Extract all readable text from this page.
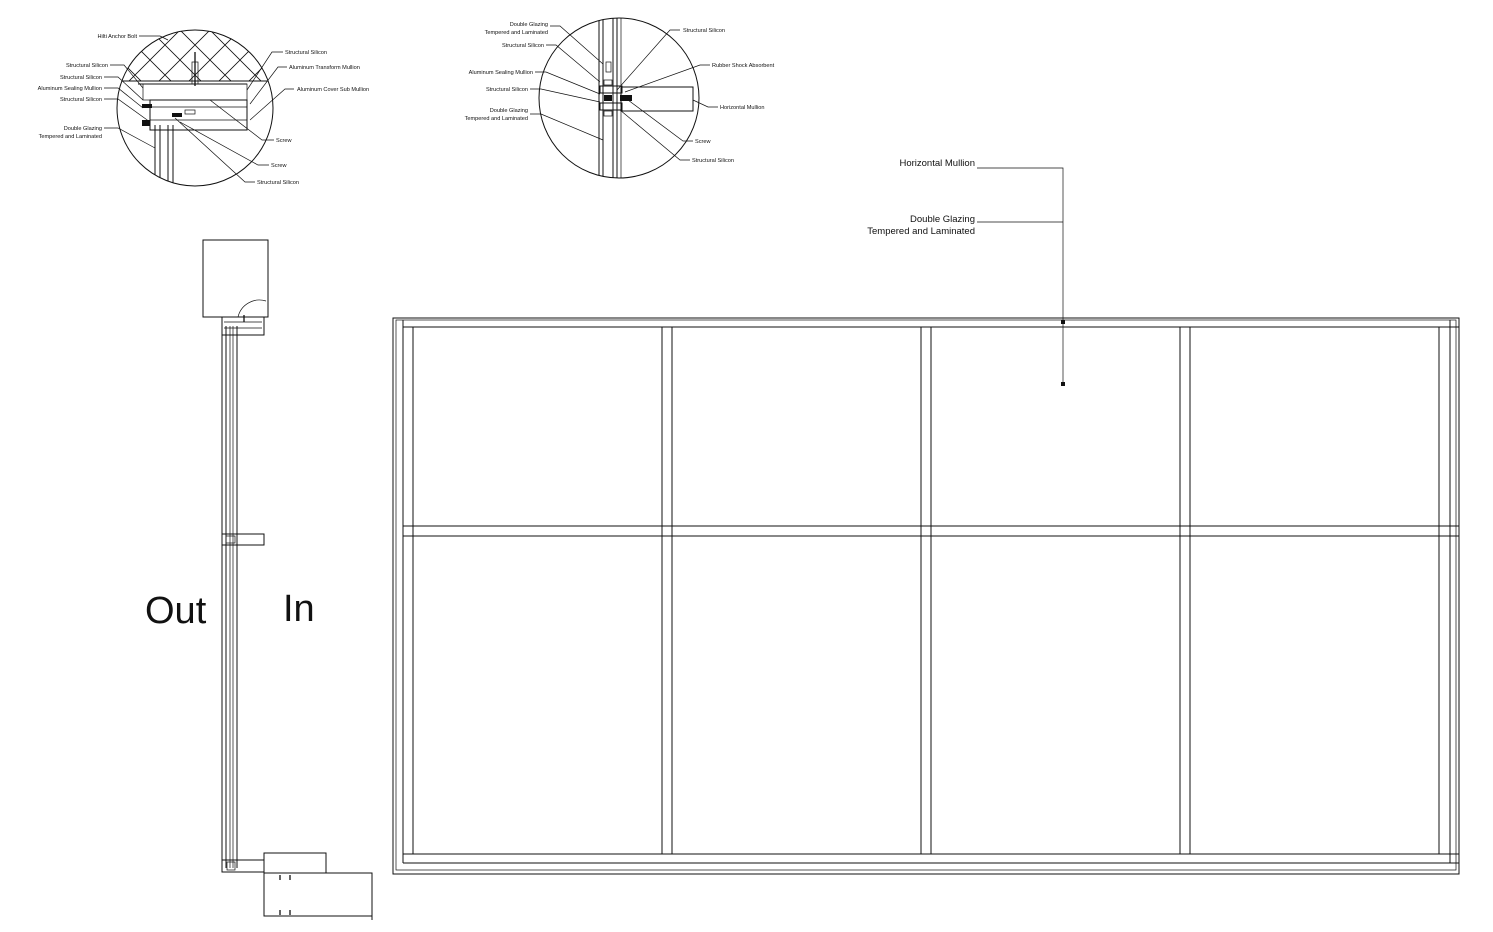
Hilti Anchor Bolt
Structural Silicon
Structural Silicon
Aluminum Sealing Mullion
Structural Silicon
Double Glazing
Tempered and Laminated
Structural Silicon
Aluminum Transform Mullion
Aluminum Cover Sub Mullion
Screw
Screw
Structural Silicon
Double Glazing
Tempered and Laminated
Structural Silicon
Aluminum Sealing Mullion
Structural Silicon
Double Glazing
Tempered and Laminated
Structural Silicon
Rubber Shock Absorbent
Horizontal Mullion
Screw
Structural Silicon
Out In
Horizontal Mullion
Double Glazing
Tempered and Laminated
